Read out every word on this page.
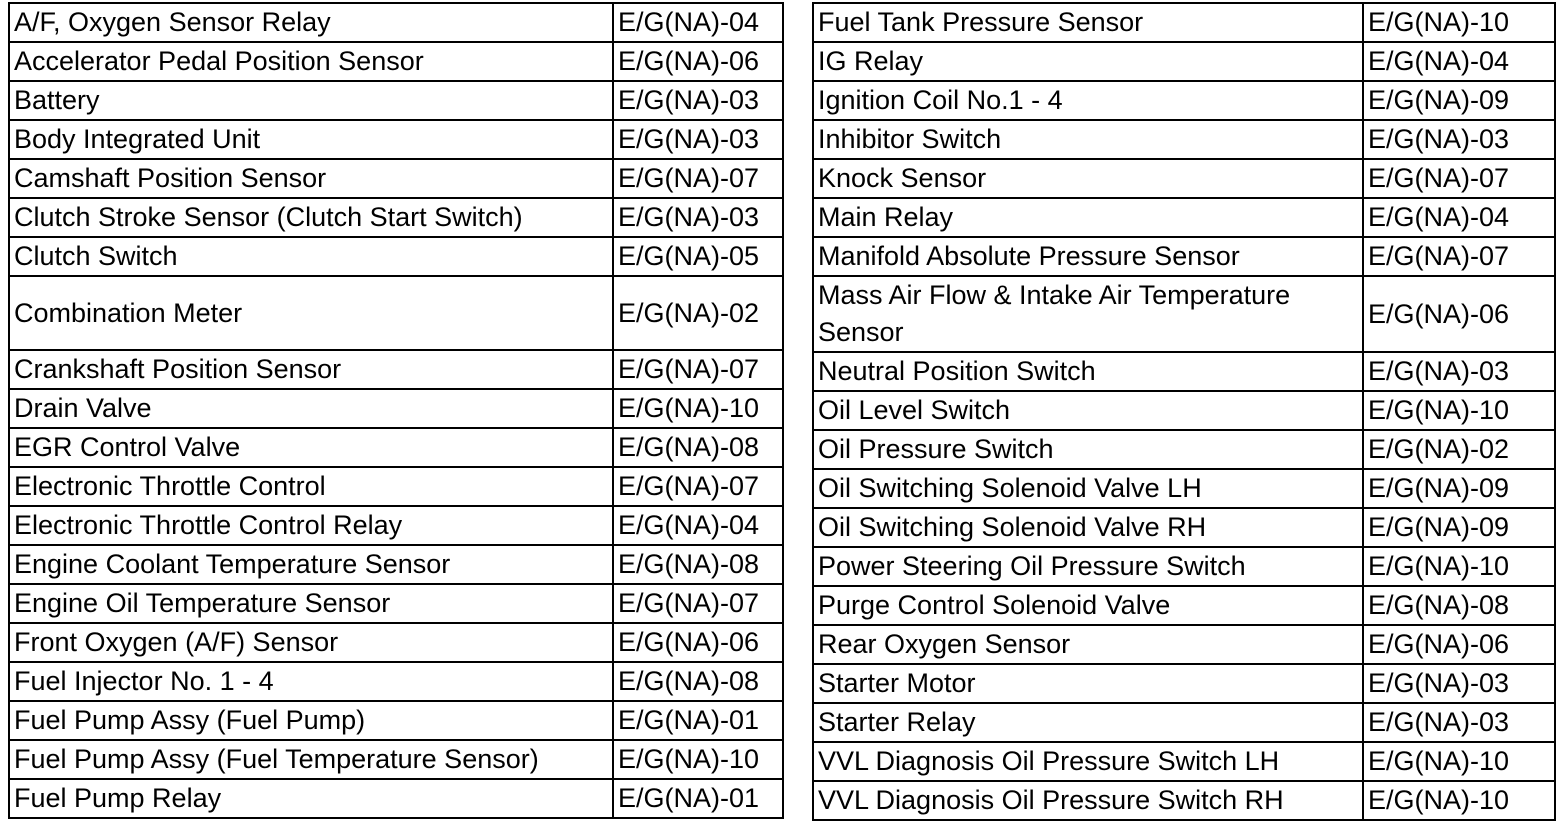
A/F, Oxygen Sensor Relay	E/G(NA)-04
Accelerator Pedal Position Sensor	E/G(NA)-06
Battery	E/G(NA)-03
Body Integrated Unit	E/G(NA)-03
Camshaft Position Sensor	E/G(NA)-07
Clutch Stroke Sensor (Clutch Start Switch)	E/G(NA)-03
Clutch Switch	E/G(NA)-05
Combination Meter	E/G(NA)-02
Crankshaft Position Sensor	E/G(NA)-07
Drain Valve	E/G(NA)-10
EGR Control Valve	E/G(NA)-08
Electronic Throttle Control	E/G(NA)-07
Electronic Throttle Control Relay	E/G(NA)-04
Engine Coolant Temperature Sensor	E/G(NA)-08
Engine Oil Temperature Sensor	E/G(NA)-07
Front Oxygen (A/F) Sensor	E/G(NA)-06
Fuel Injector No. 1 - 4	E/G(NA)-08
Fuel Pump Assy (Fuel Pump)	E/G(NA)-01
Fuel Pump Assy (Fuel Temperature Sensor)	E/G(NA)-10
Fuel Pump Relay	E/G(NA)-01
Fuel Tank Pressure Sensor	E/G(NA)-10
IG Relay	E/G(NA)-04
Ignition Coil No.1 - 4	E/G(NA)-09
Inhibitor Switch	E/G(NA)-03
Knock Sensor	E/G(NA)-07
Main Relay	E/G(NA)-04
Manifold Absolute Pressure Sensor	E/G(NA)-07
Mass Air Flow & Intake Air Temperature Sensor	E/G(NA)-06
Neutral Position Switch	E/G(NA)-03
Oil Level Switch	E/G(NA)-10
Oil Pressure Switch	E/G(NA)-02
Oil Switching Solenoid Valve LH	E/G(NA)-09
Oil Switching Solenoid Valve RH	E/G(NA)-09
Power Steering Oil Pressure Switch	E/G(NA)-10
Purge Control Solenoid Valve	E/G(NA)-08
Rear Oxygen Sensor	E/G(NA)-06
Starter Motor	E/G(NA)-03
Starter Relay	E/G(NA)-03
VVL Diagnosis Oil Pressure Switch LH	E/G(NA)-10
VVL Diagnosis Oil Pressure Switch RH	E/G(NA)-10
